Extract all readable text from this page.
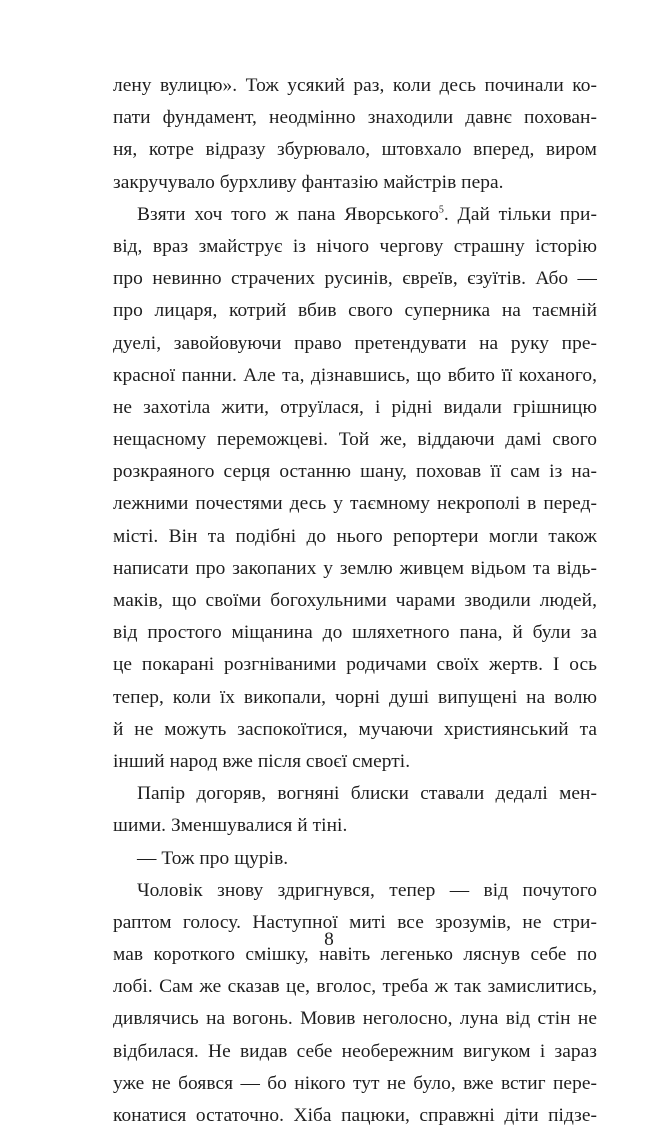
лену вулицю». Тож усякий раз, коли десь починали ко-
пати фундамент, неодмінно знаходили давнє похован-
ня, котре відразу збурювало, штовхало вперед, виром
закручувало бурхливу фантазію майстрів пера.
Взяти хоч того ж пана Яворського$^5$. Дай тільки при-
від, враз змайструє із нічого чергову страшну історію
про невинно страчених русинів, євреїв, єзуїтів. Або —
про лицаря, котрий вбив свого суперника на таємній
дуелі, завойовуючи право претендувати на руку пре-
красної панни. Але та, дізнавшись, що вбито її коханого,
не захотіла жити, отруїлася, і рідні видали грішницю
нещасному переможцеві. Той же, віддаючи дамі свого
розкраяного серця останню шану, поховав її сам із на-
лежними почестями десь у таємному некрополі в перед-
місті. Він та подібні до нього репортери могли також
написати про закопаних у землю живцем відьом та відь-
маків, що своїми богохульними чарами зводили людей,
від простого міщанина до шляхетного пана, й були за
це покарані розгніваними родичами своїх жертв. І ось
тепер, коли їх викопали, чорні душі випущені на волю
й не можуть заспокоїтися, мучаючи християнський та
інший народ вже після своєї смерті.
Папір догоряв, вогняні блиски ставали дедалі мен-
шими. Зменшувалися й тіні.
— Тож про щурів.
Чоловік знову здригнувся, тепер — від почутого
раптом голосу. Наступної миті все зрозумів, не стри-
мав короткого смішку, навіть легенько ляснув себе по
лобі. Сам же сказав це, вголос, треба ж так замислитись,
дивлячись на вогонь. Мовив неголосно, луна від стін не
відбилася. Не видав себе необережним вигуком і зараз
уже не боявся — бо нікого тут не було, вже встиг пере-
конатися остаточно. Хіба пацюки, справжні діти підзе-
8
